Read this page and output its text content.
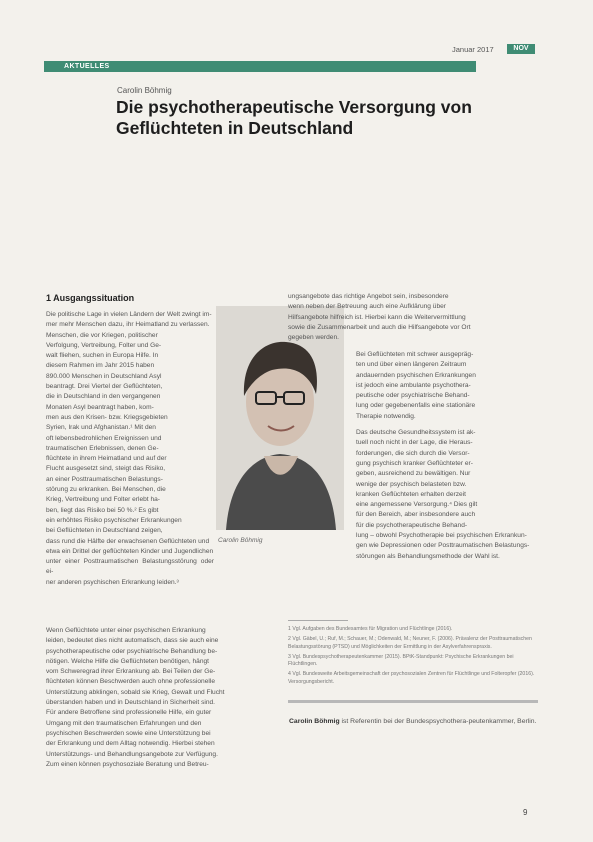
NOV
Januar 2017
AKTUELLES
Carolin Böhmig
Die psychotherapeutische Versorgung von Geflüchteten in Deutschland
1 Ausgangssituation

Die politische Lage in vielen Ländern der Welt zwingt im-

mer mehr Menschen dazu, ihr Heimatland zu verlassen.

Menschen, die vor Kriegen, politischer

Verfolgung, Vertreibung, Folter und Ge-

walt fliehen, suchen in Europa Hilfe. In

diesem Rahmen im Jahr 2015 haben

890.000 Menschen in Deutschland Asyl

beantragt. Drei Viertel der Geflüchteten,

die in Deutschland in den vergangenen

Monaten Asyl beantragt haben, kom-

men aus den Krisen- bzw. Kriegsgebieten

Syrien, Irak und Afghanistan.¹ Mit den

oft lebensbedrohlichen Ereignissen und

traumatischen Erlebnissen, denen Ge-

flüchtete in ihrem Heimatland und auf der

Flucht ausgesetzt sind, steigt das Risiko,

an einer Posttraumatischen Belastungs-

störung zu erkranken. Bei Menschen, die

Krieg, Vertreibung und Folter erlebt ha-

ben, liegt das Risiko bei 50 %.² Es gibt

ein erhöhtes Risiko psychischer Erkrankungen

bei Geflüchteten in Deutschland zeigen,

dass rund die Hälfte der erwachsenen Geflüchteten und

etwa ein Drittel der geflüchteten Kinder und Jugendlichen

unter einer Posttraumatischen Belastungsstörung oder ei-

ner anderen psychischen Erkrankung leiden.³

Carolin Böhmig

Wenn Geflüchtete unter einer psychischen Erkrankung

leiden, bedeutet dies nicht automatisch, dass sie auch eine

psychotherapeutische oder psychiatrische Behandlung be-

nötigen. Welche Hilfe die Geflüchteten benötigen, hängt

vom Schweregrad ihrer Erkrankung ab. Bei Teilen der Ge-

flüchteten können Beschwerden auch ohne professionelle

Unterstützung abklingen, sobald sie Krieg, Gewalt und Flucht

überstanden haben und in Deutschland in Sicherheit sind.

Für andere Betroffene sind professionelle Hilfe, ein guter

Umgang mit den traumatischen Erfahrungen und den

psychischen Beschwerden sowie eine Unterstützung bei

der Erkrankung und dem Alltag notwendig. Hierbei stehen

Unterstützungs- und Behandlungsangebote zur Verfügung.

Zum einen können psychosoziale Beratung und Betreu-

ungsangebote das richtige Angebot sein, insbesondere

wenn neben der Betreuung auch eine Aufklärung über

Hilfsangebote hilfreich ist. Hierbei kann die Weitervermittlung

sowie die Zusammenarbeit und auch die Hilfsangebote vor Ort

gegeben werden.

Bei Geflüchteten mit schwer ausgepräg-

ten und über einen längeren Zeitraum

andauernden psychischen Erkrankungen

ist jedoch eine ambulante psychothera-

peutische oder psychiatrische Behand-

lung oder gegebenenfalls eine stationäre

Therapie notwendig.

Das deutsche Gesundheitssystem ist ak-

tuell noch nicht in der Lage, die Heraus-

forderungen, die sich durch die Versor-

gung psychisch kranker Geflüchteter er-

geben, ausreichend zu bewältigen. Nur

wenige der psychisch belasteten bzw.

kranken Geflüchteten erhalten derzeit

eine angemessene Versorgung.⁴ Dies gilt

für den Bereich, aber insbesondere auch

für die psychotherapeutische Behand-

lung – obwohl Psychotherapie bei psychischen Erkrankun-

gen wie Depressionen oder Posttraumatischen Belastungs-

störungen als Behandlungsmethode der Wahl ist.

1 Vgl. Aufgaben des Bundesamtes für Migration und Flüchtlinge (2016).
2 Vgl. Gäbel, U.; Ruf, M.; Schauer, M.; Odenwald, M.; Neuner, F. (2006). Prävalenz der Posttraumatischen Belastungsstörung (PTSD) und Möglichkeiten der Ermittlung in der Asylverfahrenspraxis.
3 Vgl. Bundespsychotherapeutenkammer (2015). BPtK-Standpunkt: Psychische Erkrankungen bei Flüchtlingen.
4 Vgl. Bundesweite Arbeitsgemeinschaft der psychosozialen Zentren für Flüchtlinge und Folteropfer (2016). Versorgungsbericht.
Carolin Böhmig ist Referentin bei der Bundespsychothera-peutenkammer, Berlin.
9
